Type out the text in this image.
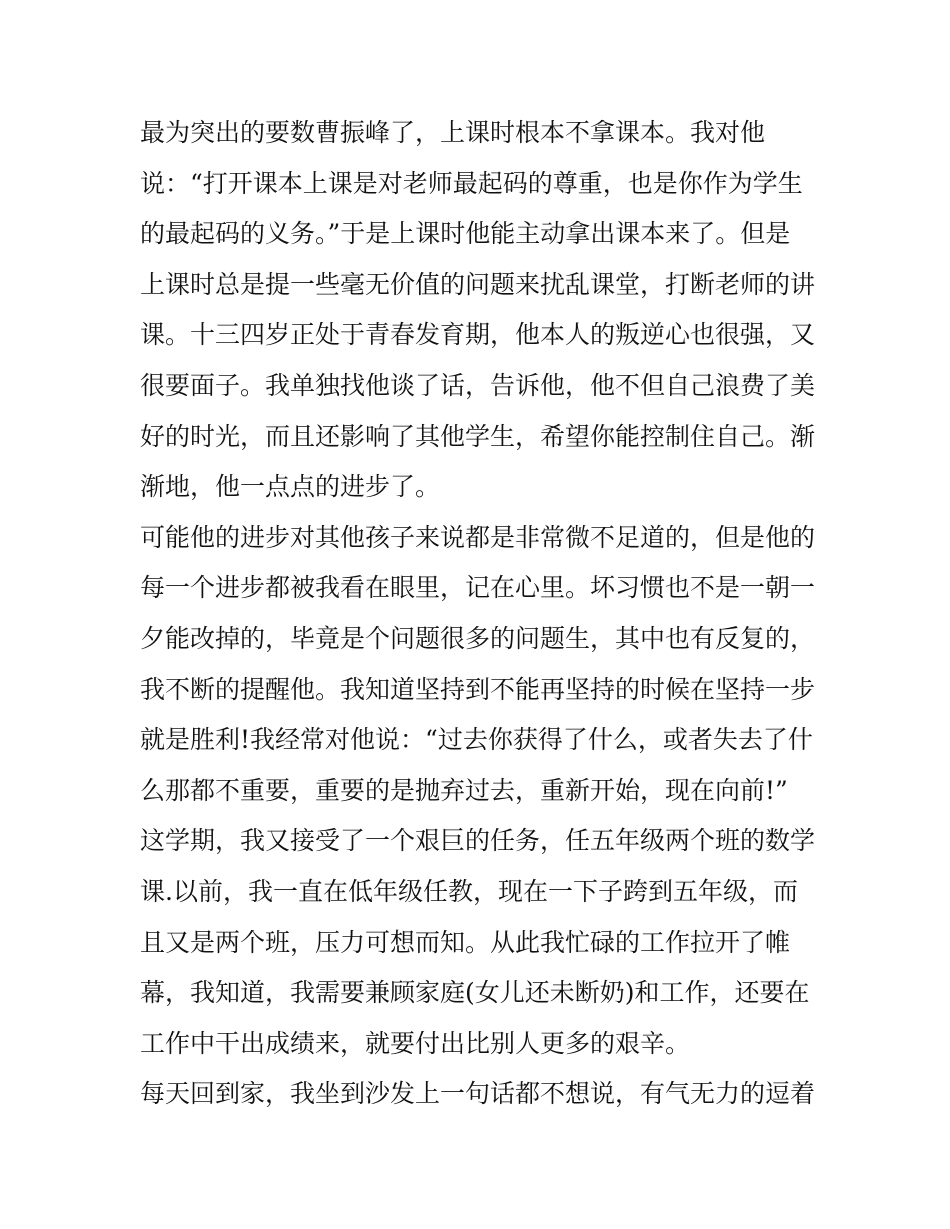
最为突出的要数曹振峰了，上课时根本不拿课本。我对他
说：“打开课本上课是对老师最起码的尊重，也是你作为学生
的最起码的义务。”于是上课时他能主动拿出课本来了。但是
上课时总是提一些毫无价值的问题来扰乱课堂，打断老师的讲
课。十三四岁正处于青春发育期，他本人的叛逆心也很强，又
很要面子。我单独找他谈了话，告诉他，他不但自己浪费了美
好的时光，而且还影响了其他学生，希望你能控制住自己。渐
渐地，他一点点的进步了。
可能他的进步对其他孩子来说都是非常微不足道的，但是他的
每一个进步都被我看在眼里，记在心里。坏习惯也不是一朝一
夕能改掉的，毕竟是个问题很多的问题生，其中也有反复的，
我不断的提醒他。我知道坚持到不能再坚持的时候在坚持一步
就是胜利!我经常对他说：“过去你获得了什么，或者失去了什
么那都不重要，重要的是抛弃过去，重新开始，现在向前!”
这学期，我又接受了一个艰巨的任务，任五年级两个班的数学
课.以前，我一直在低年级任教，现在一下子跨到五年级，而
且又是两个班，压力可想而知。从此我忙碌的工作拉开了帷
幕，我知道，我需要兼顾家庭(女儿还未断奶)和工作，还要在
工作中干出成绩来，就要付出比别人更多的艰辛。
每天回到家，我坐到沙发上一句话都不想说，有气无力的逗着
